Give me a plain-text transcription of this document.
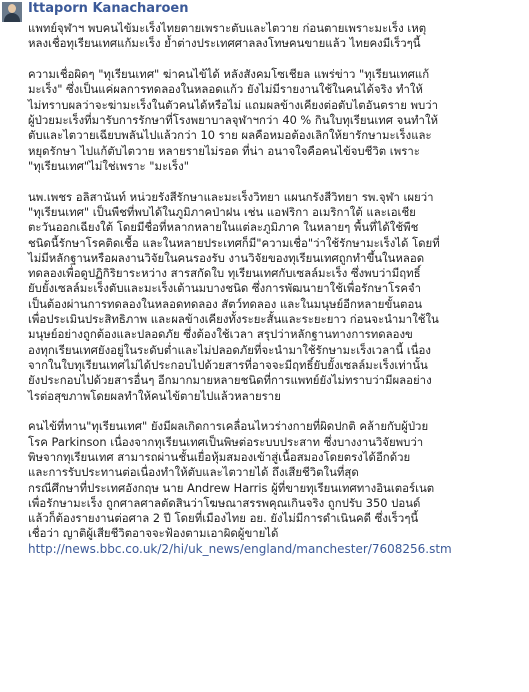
Ittaporn Kanacharoen

แพทย์จุฬาฯ พบคนไข้มะเร็งไทยตายเพราะตับและไตวาย ก่อนตายเพราะมะเร็ง เหตุ
หลงเชื่อทุเรียนเทศแก้มะเร็ง ย้ำต่างประเทศศาลลงโทษคนขายแล้ว ไทยคงมีเร็วๆนี้

ความเชื่อผิดๆ "ทุเรียนเทศ" ฆ่าคนไข้ได้ หลังสังคมโซเชียล แพร่ข่าว "ทุเรียนเทศแก้
มะเร็ง" ซึ่งเป็นแค่ผลการทดลองในหลอดแก้ว ยังไม่มีรายงานใช้ในคนได้จริง ทำให้
ไม่ทราบผลว่าจะฆ่ามะเร็งในตัวคนได้หรือไม่ แถมผลข้างเคียงต่อตับไตอันตราย พบว่า
ผู้ป่วยมะเร็งที่มารับการรักษาที่โรงพยาบาลจุฬาฯกว่า 40 % กินใบทุเรียนเทศ จนทำให้
ตับและไตวายเฉียบพลันไปแล้วกว่า 10 ราย ผลคือหมอต้องเลิกให้ยารักษามะเร็งและ
หยุดรักษา ไปแก้ตับไตวาย หลายรายไม่รอด ที่น่า อนาจใจคือคนไข้จบชีวิต เพราะ
"ทุเรียนเทศ"ไม่ใช่เพราะ "มะเร็ง"

นพ.เพชร อลิสานันท์ หน่วยรังสีรักษาและมะเร็งวิทยา แผนกรังสีวิทยา รพ.จุฬา เผยว่า
"ทุเรียนเทศ" เป็นพืชที่พบได้ในภูมิภาคป่าฝน เช่น แอฟริกา อเมริกาใต้ และเอเชีย
ตะวันออกเฉียงใต้ โดยมีชื่อที่หลากหลายในแต่ละภูมิภาค ในหลายๆ พื้นที่ได้ใช้พืช
ชนิดนี้รักษาโรคติดเชื้อ และในหลายประเทศก็มี"ความเชื่อ"ว่าใช้รักษามะเร็งได้ โดยที่
ไม่มีหลักฐานหรือผลงานวิจัยในคนรองรับ งานวิจัยของทุเรียนเทศถูกทำขึ้นในหลอด
ทดลองเพื่อดูปฏิกิริยาระหว่าง สารสกัดใบ ทุเรียนเทศกับเซลล์มะเร็ง ซึ่งพบว่ามีฤทธิ์
ยับยั้งเซลล์มะเร็งตับและมะเร็งเต้านมบางชนิด ซึ่งการพัฒนายาใช้เพื่อรักษาโรคจำ
เป็นต้องผ่านการทดลองในหลอดทดลอง สัตว์ทดลอง และในมนุษย์อีกหลายขั้นตอน
เพื่อประเมินประสิทธิภาพ และผลข้างเคียงทั้งระยะสั้นและระยะยาว ก่อนจะนำมาใช้ใน
มนุษย์อย่างถูกต้องและปลอดภัย ซึ่งต้องใช้เวลา สรุปว่าหลักฐานทางการทดลองข
องทุกเรียนเทศยังอยู่ในระดับต่ำและไม่ปลอดภัยที่จะนำมาใช้รักษามะเร็งเวลานี้ เนื่อง
จากในใบทุเรียนเทศไม่ได้ประกอบไปด้วยสารที่อาจจะมีฤทธิ์ยับยั้งเซลล์มะเร็งเท่านั้น
ยังประกอบไปด้วยสารอื่นๆ อีกมากมายหลายชนิดที่การแพทย์ยังไม่ทราบว่ามีผลอย่าง
ไรต่อสุขภาพโดยผลทำให้คนไข้ตายไปแล้วหลายราย

คนไข้ที่ทาน"ทุเรียนเทศ" ยังมีผลเกิดการเคลื่อนไหวร่างกายที่ผิดปกติ คล้ายกับผู้ป่วย
โรค Parkinson เนื่องจากทุเรียนเทศเป็นพิษต่อระบบประสาท ซึ่งบางงานวิจัยพบว่า
พิษจากทุเรียนเทศ สามารถผ่านชั้นเยื่อหุ้มสมองเข้าสู่เนื้อสมองโดยตรงได้อีกด้วย
และการรับประทานต่อเนื่องทำให้ตับและไตวายได้ ถึงเสียชีวิตในที่สุด
กรณีศึกษาที่ประเทศอังกฤษ นาย Andrew Harris ผู้ที่ขายทุเรียนเทศทางอินเตอร์เนต
เพื่อรักษามะเร็ง ถูกศาลศาลตัดสินว่าโฆษณาสรรพคุณเกินจริง ถูกปรับ 350 ปอนด์
แล้วก็ต้องรายงานต่อศาล 2 ปี โดยที่เมืองไทย อย. ยังไม่มีการดำเนินคดี ซึ่งเร็วๆนี้
เชื่อว่า ญาติผู้เสียชีวิตอาจจะฟ้องตามเอาผิดผู้ขายได้

http://news.bbc.co.uk/2/hi/uk_news/england/manchester/7608256.stm
